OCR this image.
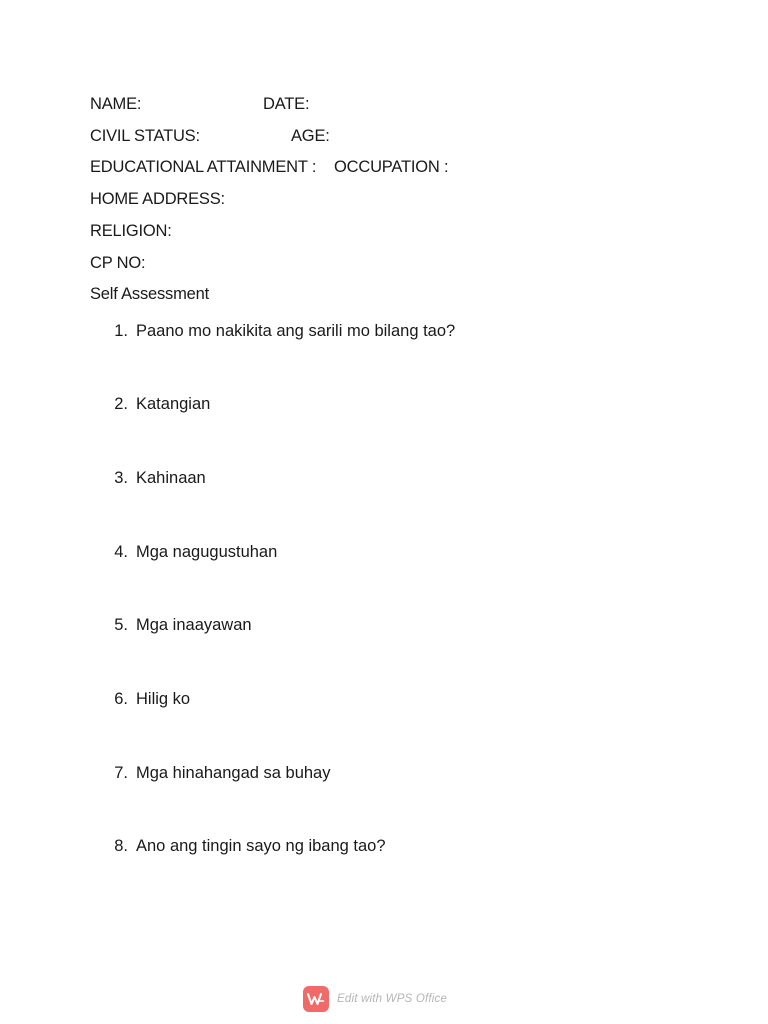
NAME:	DATE:
CIVIL STATUS:	AGE:
EDUCATIONAL ATTAINMENT : OCCUPATION :
HOME ADDRESS:
RELIGION:
CP NO:
Self Assessment
1. Paano mo nakikita ang sarili mo bilang tao?
2. Katangian
3. Kahinaan
4. Mga nagugustuhan
5. Mga inaayawan
6. Hilig ko
7. Mga hinahangad sa buhay
8. Ano ang tingin sayo ng ibang tao?
Edit with WPS Office
